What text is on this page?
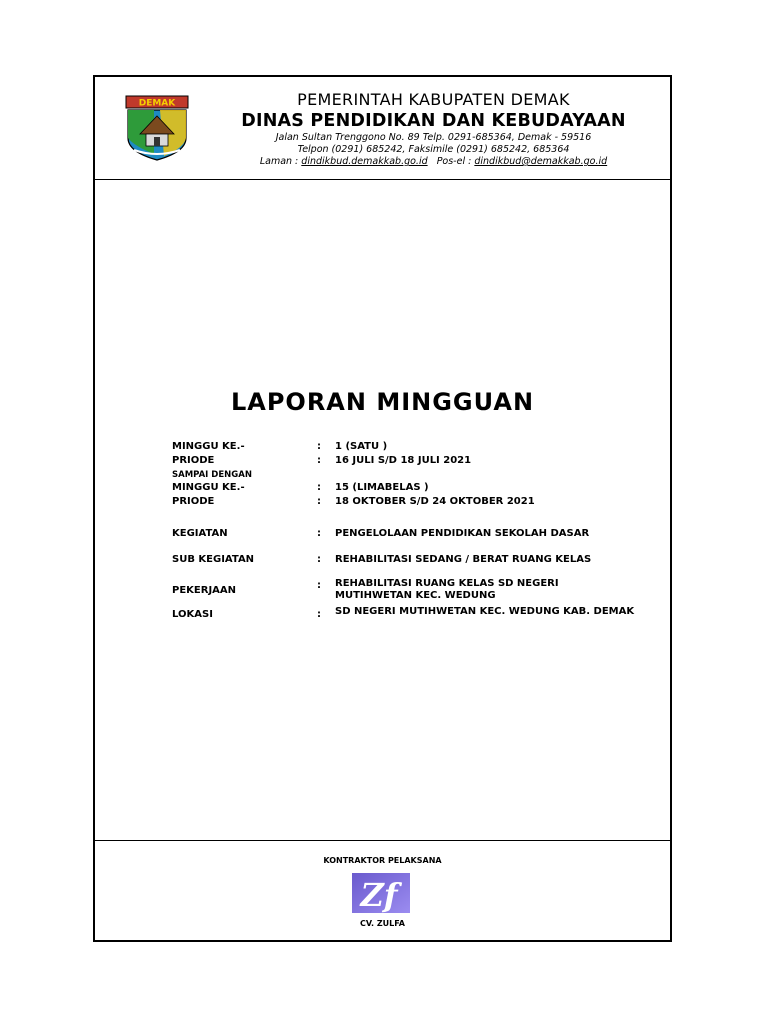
DEMAK	PEMERINTAH KABUPATEN DEMAK
DINAS PENDIDIKAN DAN KEBUDAYAAN
Jalan Sultan Trenggono No. 89 Telp. 0291-685364, Demak - 59516
Telpon (0291) 685242, Faksimile (0291) 685242, 685364
Laman : dindikbud.demakkab.go.id Pos-el : dindikbud@demakkab.go.id
LAPORAN MINGGUAN
MINGGU KE.-	: 1 (SATU )
PRIODE	: 16 JULI S/D 18 JULI 2021
SAMPAI DENGAN
MINGGU KE.-	: 15 (LIMABELAS )
PRIODE	: 18 OKTOBER S/D 24 OKTOBER 2021
KEGIATAN	: PENGELOLAAN PENDIDIKAN SEKOLAH DASAR
SUB KEGIATAN	: REHABILITASI SEDANG / BERAT RUANG KELAS
PEKERJAAN	: REHABILITASI RUANG KELAS SD NEGERI
MUTIHWETAN KEC. WEDUNG
LOKASI	: SD NEGERI MUTIHWETAN KEC. WEDUNG KAB. DEMAK
KONTRAKTOR PELAKSANA
Zf
CV. ZULFA
